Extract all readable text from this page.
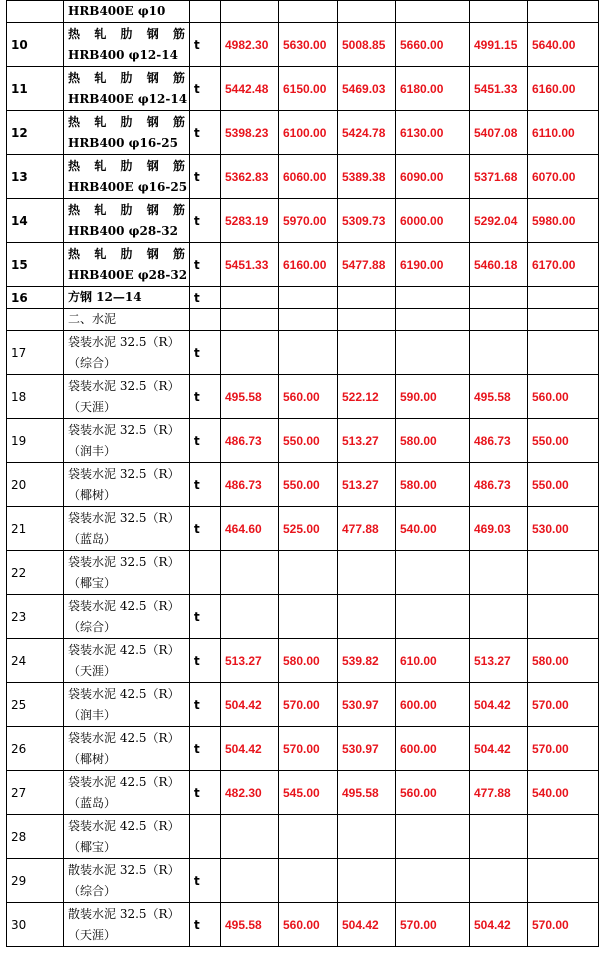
	HRB400E φ10							

10	热 轧 肋 钢 筋
HRB400 φ12-14	t	4982.30	5630.00	5008.85	5660.00	4991.15	5640.00
11	热 轧 肋 钢 筋
HRB400E φ12-14	t	5442.48	6150.00	5469.03	6180.00	5451.33	6160.00
12	热 轧 肋 钢 筋
HRB400 φ16-25	t	5398.23	6100.00	5424.78	6130.00	5407.08	6110.00
13	热 轧 肋 钢 筋
HRB400E φ16-25	t	5362.83	6060.00	5389.38	6090.00	5371.68	6070.00
14	热 轧 肋 钢 筋
HRB400 φ28-32	t	5283.19	5970.00	5309.73	6000.00	5292.04	5980.00
15	热 轧 肋 钢 筋
HRB400E φ28-32	t	5451.33	6160.00	5477.88	6190.00	5460.18	6170.00
16	方钢 12—14	t						
	二、水泥							
17	袋装水泥 32.5（R）
（综合）	t						
18	袋装水泥 32.5（R）
（天涯）	t	495.58	560.00	522.12	590.00	495.58	560.00
19	袋装水泥 32.5（R）
（润丰）	t	486.73	550.00	513.27	580.00	486.73	550.00
20	袋装水泥 32.5（R）
（椰树）	t	486.73	550.00	513.27	580.00	486.73	550.00
21	袋装水泥 32.5（R）
（蓝岛）	t	464.60	525.00	477.88	540.00	469.03	530.00
22	袋装水泥 32.5（R）
（椰宝）							

23	袋装水泥 42.5（R）
（综合）	t						
24	袋装水泥 42.5（R）
（天涯）	t	513.27	580.00	539.82	610.00	513.27	580.00
25	袋装水泥 42.5（R）
（润丰）	t	504.42	570.00	530.97	600.00	504.42	570.00
26	袋装水泥 42.5（R）
（椰树）	t	504.42	570.00	530.97	600.00	504.42	570.00
27	袋装水泥 42.5（R）
（蓝岛）	t	482.30	545.00	495.58	560.00	477.88	540.00
28	袋装水泥 42.5（R）
（椰宝）							

29	散装水泥 32.5（R）
（综合）	t						
30	散装水泥 32.5（R）
（天涯）	t	495.58	560.00	504.42	570.00	504.42	570.00
